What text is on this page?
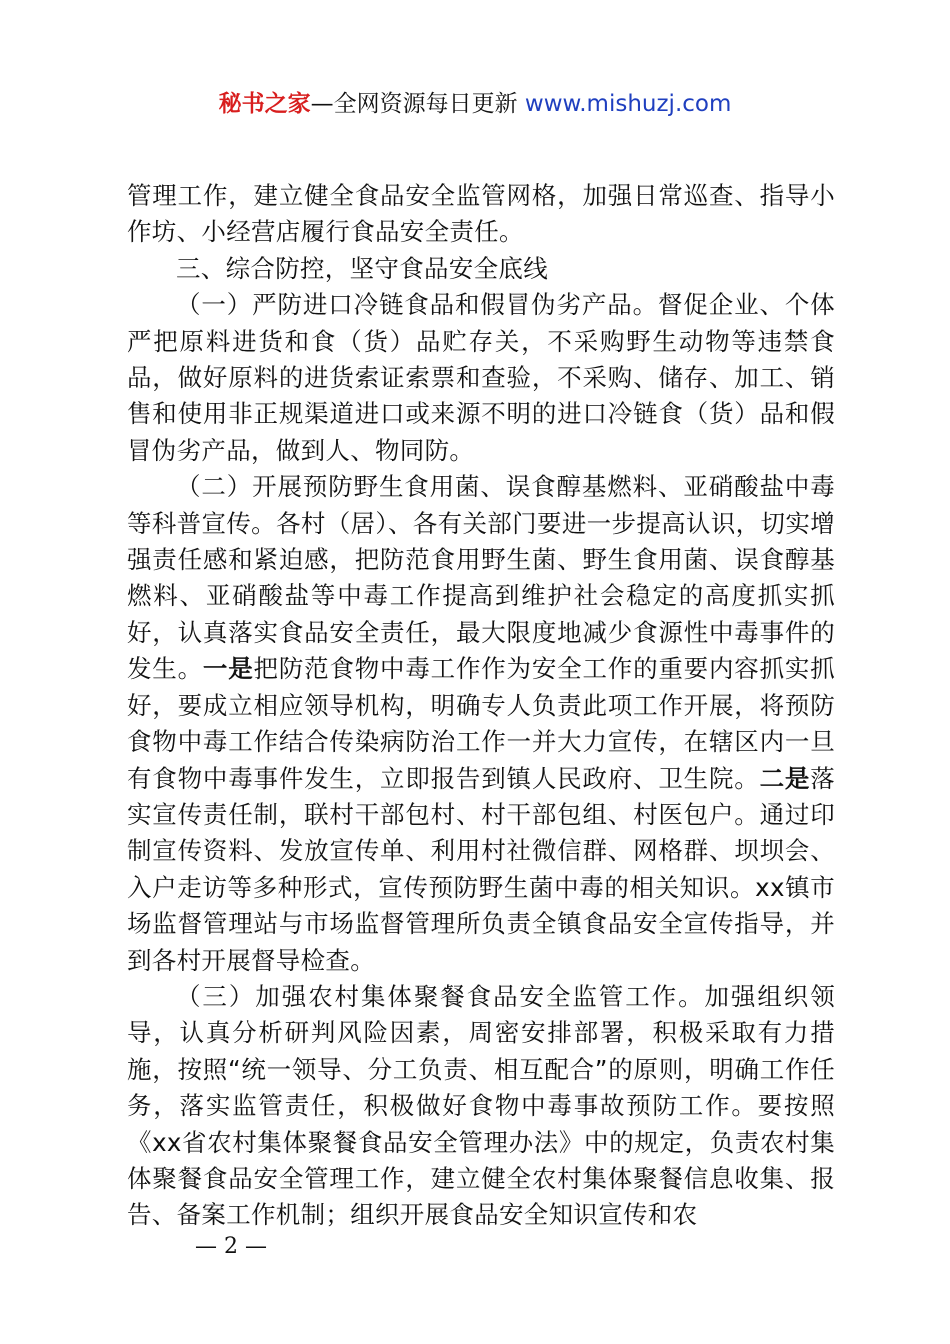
秘书之家—全网资源每日更新 www.mishuzj.com

管理工作，建立健全食品安全监管网格，加强日常巡查、指导小作坊、小经营店履行食品安全责任。

三、综合防控，坚守食品安全底线

（一）严防进口冷链食品和假冒伪劣产品。督促企业、个体严把原料进货和食（货）品贮存关，不采购野生动物等违禁食品，做好原料的进货索证索票和查验，不采购、储存、加工、销售和使用非正规渠道进口或来源不明的进口冷链食（货）品和假冒伪劣产品，做到人、物同防。

（二）开展预防野生食用菌、误食醇基燃料、亚硝酸盐中毒等科普宣传。各村（居）、各有关部门要进一步提高认识，切实增强责任感和紧迫感，把防范食用野生菌、野生食用菌、误食醇基燃料、亚硝酸盐等中毒工作提高到维护社会稳定的高度抓实抓好，认真落实食品安全责任，最大限度地减少食源性中毒事件的发生。一是把防范食物中毒工作作为安全工作的重要内容抓实抓好，要成立相应领导机构，明确专人负责此项工作开展，将预防食物中毒工作结合传染病防治工作一并大力宣传，在辖区内一旦有食物中毒事件发生，立即报告到镇人民政府、卫生院。二是落实宣传责任制，联村干部包村、村干部包组、村医包户。通过印制宣传资料、发放宣传单、利用村社微信群、网格群、坝坝会、入户走访等多种形式，宣传预防野生菌中毒的相关知识。xx镇市场监督管理站与市场监督管理所负责全镇食品安全宣传指导，并到各村开展督导检查。

（三）加强农村集体聚餐食品安全监管工作。加强组织领导，认真分析研判风险因素，周密安排部署，积极采取有力措施，按照“统一领导、分工负责、相互配合”的原则，明确工作任务，落实监管责任，积极做好食物中毒事故预防工作。要按照《xx省农村集体聚餐食品安全管理办法》中的规定，负责农村集体聚餐食品安全管理工作，建立健全农村集体聚餐信息收集、报告、备案工作机制；组织开展食品安全知识宣传和农

— 2 —
